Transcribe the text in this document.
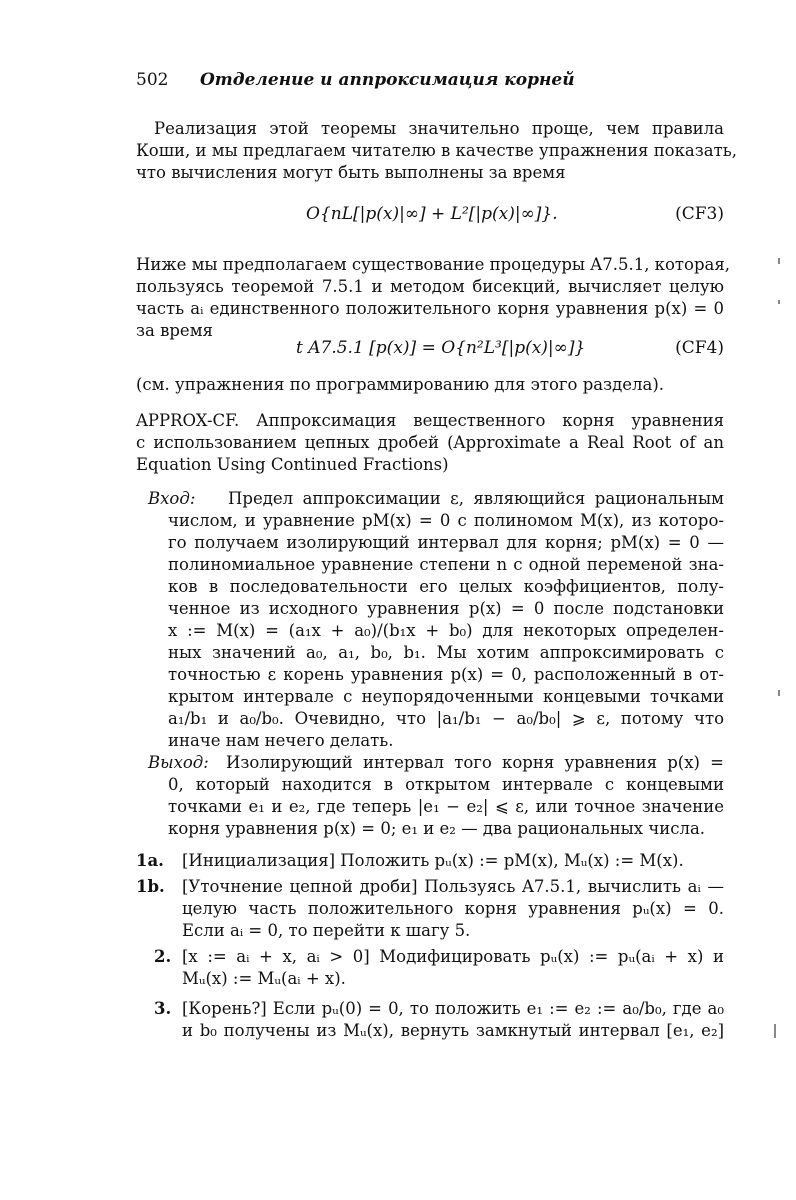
502 Отделение и аппроксимация корней
Реализация этой теоремы значительно проще, чем правила
Коши, и мы предлагаем читателю в качестве упражнения показать,
что вычисления могут быть выполнены за время
O{nL[|p(x)|∞] + L²[|p(x)|∞]}.	(CF3)
Ниже мы предполагаем существование процедуры A7.5.1, которая,
пользуясь теоремой 7.5.1 и методом бисекций, вычисляет целую
часть aᵢ единственного положительного корня уравнения p(x) = 0
за время
t A7.5.1 [p(x)] = O{n²L³[|p(x)|∞]}	(CF4)
(см. упражнения по программированию для этого раздела).
APPROX-CF. Аппроксимация вещественного корня уравнения
с использованием цепных дробей (Approximate a Real Root of an
Equation Using Continued Fractions)
Вход: Предел аппроксимации ε, являющийся рациональным
числом, и уравнение pM(x) = 0 с полиномом M(x), из которо-
го получаем изолирующий интервал для корня; pM(x) = 0 —
полиномиальное уравнение степени n с одной переменой зна-
ков в последовательности его целых коэффициентов, полу-
ченное из исходного уравнения p(x) = 0 после подстановки
x := M(x) = (a₁x + a₀)/(b₁x + b₀) для некоторых определен-
ных значений a₀, a₁, b₀, b₁. Мы хотим аппроксимировать с
точностью ε корень уравнения p(x) = 0, расположенный в от-
крытом интервале с неупорядоченными концевыми точками
a₁/b₁ и a₀/b₀. Очевидно, что |a₁/b₁ − a₀/b₀| ⩾ ε, потому что
иначе нам нечего делать.
Выход: Изолирующий интервал того корня уравнения p(x) =
0, который находится в открытом интервале с концевыми
точками e₁ и e₂, где теперь |e₁ − e₂| ⩽ ε, или точное значение
корня уравнения p(x) = 0; e₁ и e₂ — два рациональных числа.
1a. [Инициализация] Положить pᵤ(x) := pM(x), Mᵤ(x) := M(x).
1b. [Уточнение цепной дроби] Пользуясь A7.5.1, вычислить aᵢ —
целую часть положительного корня уравнения pᵤ(x) = 0.
Если aᵢ = 0, то перейти к шагу 5.
2. [x := aᵢ + x, aᵢ > 0] Модифицировать pᵤ(x) := pᵤ(aᵢ + x) и
Mᵤ(x) := Mᵤ(aᵢ + x).
3. [Корень?] Если pᵤ(0) = 0, то положить e₁ := e₂ := a₀/b₀, где a₀
и b₀ получены из Mᵤ(x), вернуть замкнутый интервал [e₁, e₂]
